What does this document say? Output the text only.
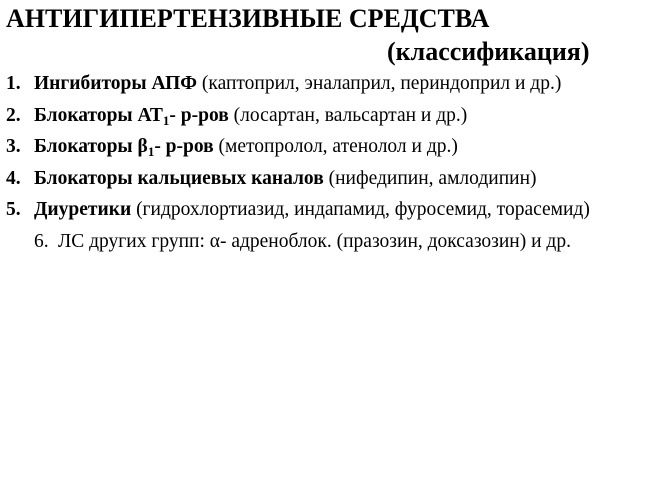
АНТИГИПЕРТЕНЗИВНЫЕ СРЕДСТВА
(классификация)
1. Ингибиторы АПФ (каптоприл, эналаприл, периндоприл и др.)
2. Блокаторы $АТ_1-$ р-ров (лосартан, вальсартан и др.)
3. Блокаторы $\beta_1-$ р-ров (метопролол, атенолол и др.)
4. Блокаторы кальциевых каналов (нифедипин, амлодипин)
5. Диуретики (гидрохлортиазид, индапамид, фуросемид, торасемид)
6. ЛС других групп: α- адреноблок. (празозин, доксазозин) и др.
